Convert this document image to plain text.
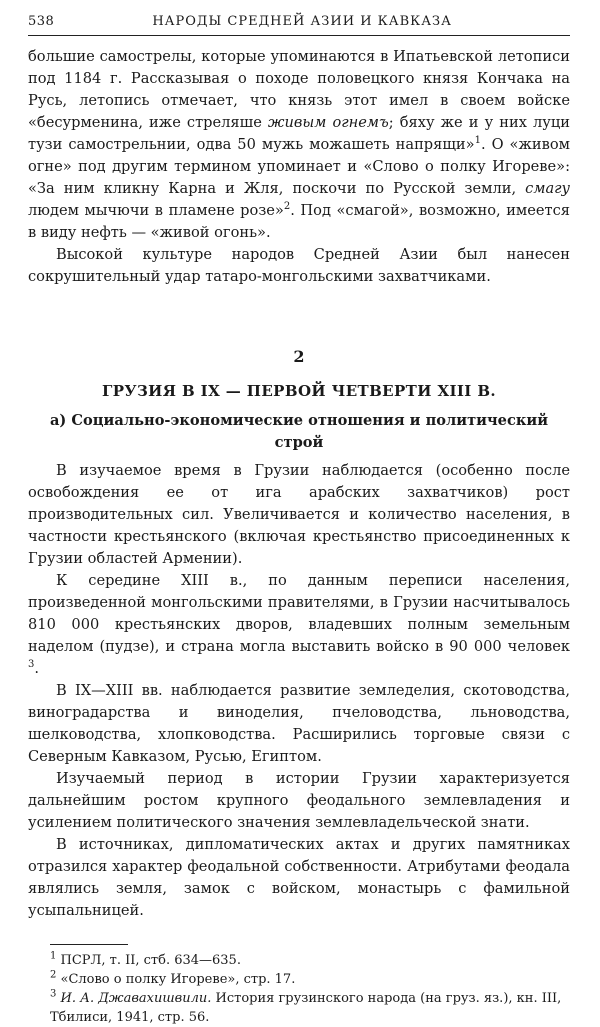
538	НАРОДЫ СРЕДНЕЙ АЗИИ И КАВКАЗА

большие самострелы, которые упоминаются в Ипатьевской летописи под 1184 г. Рассказывая о походе половецкого князя Кончака на Русь, летопись отмечает, что князь этот имел в своем войске «бесурменина, иже стреляше живым огнемъ; бяху же и у них луци тузи самострельнии, одва 50 мужь можашеть напрящи»$^1$. О «живом огне» под другим термином упоминает и «Слово о полку Игореве»: «За ним кликну Карна и Жля, поскочи по Русской земли, смагу людем мычючи в пламене розе»$^2$. Под «смагой», возможно, имеется в виду нефть — «живой огонь».

Высокой культуре народов Средней Азии был нанесен сокрушительный удар татаро-монгольскими захватчиками.

2
ГРУЗИЯ В IX — ПЕРВОЙ ЧЕТВЕРТИ XIII В.
а) Социально-экономические отношения и политический строй

В изучаемое время в Грузии наблюдается (особенно после освобождения ее от ига арабских захватчиков) рост производительных сил. Увеличивается и количество населения, в частности крестьянского (включая крестьянство присоединенных к Грузии областей Армении).

К середине XIII в., по данным переписи населения, произведенной монгольскими правителями, в Грузии насчитывалось 810 000 крестьянских дворов, владевших полным земельным наделом (пудзе), и страна могла выставить войско в 90 000 человек $^3$.

В IX—XIII вв. наблюдается развитие земледелия, скотоводства, виноградарства и виноделия, пчеловодства, льноводства, шелководства, хлопководства. Расширились торговые связи с Северным Кавказом, Русью, Египтом.

Изучаемый период в истории Грузии характеризуется дальнейшим ростом крупного феодального землевладения и усилением политического значения землевладельческой знати.

В источниках, дипломатических актах и других памятниках отразился характер феодальной собственности. Атрибутами феодала являлись земля, замок с войском, монастырь с фамильной усыпальницей.

$^1$ ПСРЛ, т. II, стб. 634—635.

$^2$ «Слово о полку Игореве», стр. 17.

$^3$ И. А. Джавахишвили. История грузинского народа (на груз. яз.), кн. III, Тбилиси, 1941, стр. 56.
